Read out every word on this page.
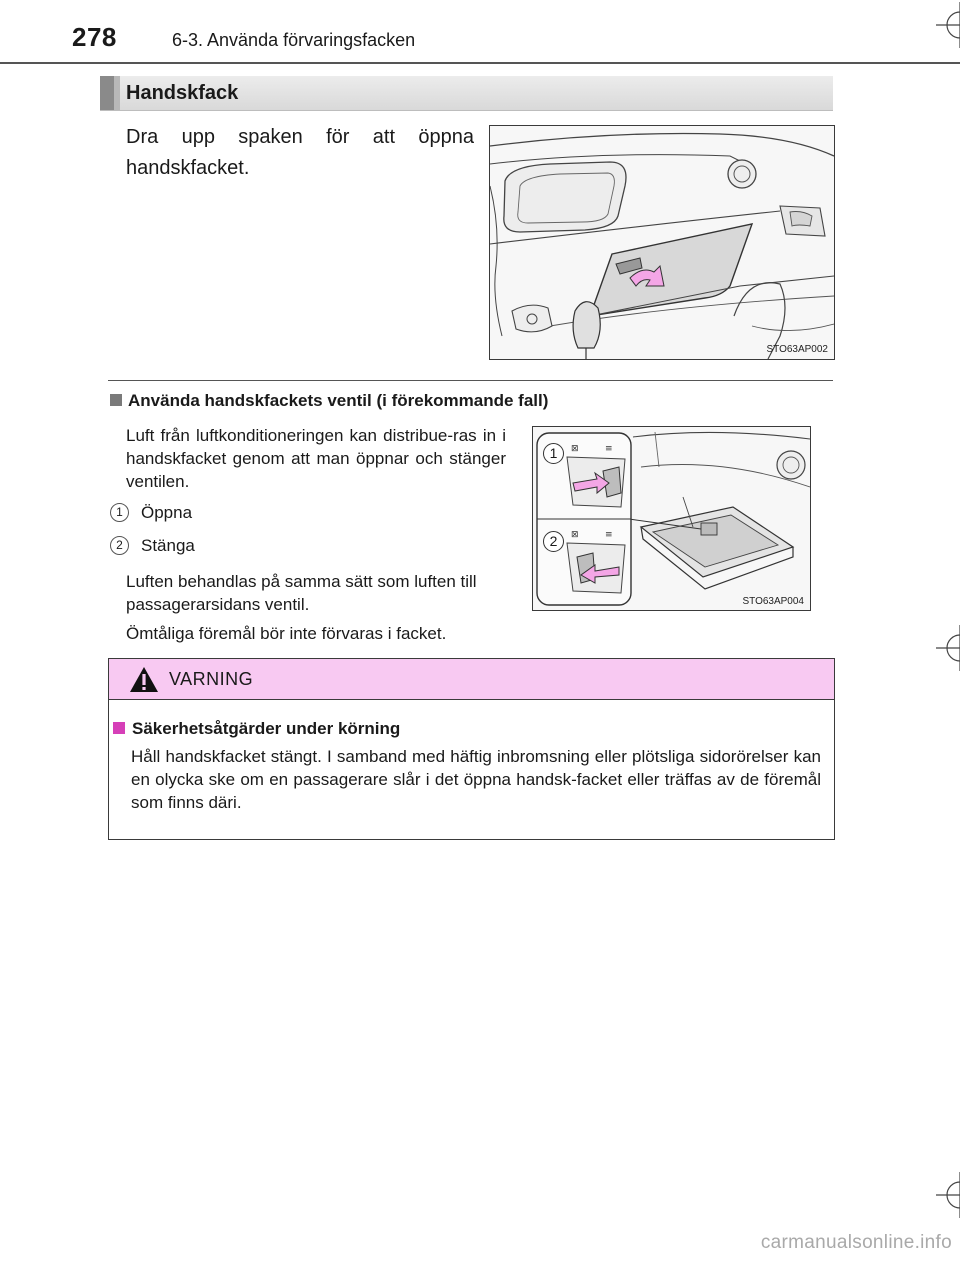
278	6-3. Använda förvaringsfacken
Handskfack
Dra upp spaken för att öppna handskfacket.
STO63AP002
Använda handskfackets ventil (i förekommande fall)
Luft från luftkonditioneringen kan distribue-ras in i handskfacket genom att man öppnar och stänger ventilen.
1 Öppna
2 Stänga
Luften behandlas på samma sätt som luften till passagerarsidans ventil.
Ömtåliga föremål bör inte förvaras i facket.
⊠	≡
⊠	≡
STO63AP004
1
2
VARNING
Säkerhetsåtgärder under körning
Håll handskfacket stängt. I samband med häftig inbromsning eller plötsliga sidorörelser kan en olycka ske om en passagerare slår i det öppna handsk-facket eller träffas av de föremål som finns däri.
carmanualsonline.info
